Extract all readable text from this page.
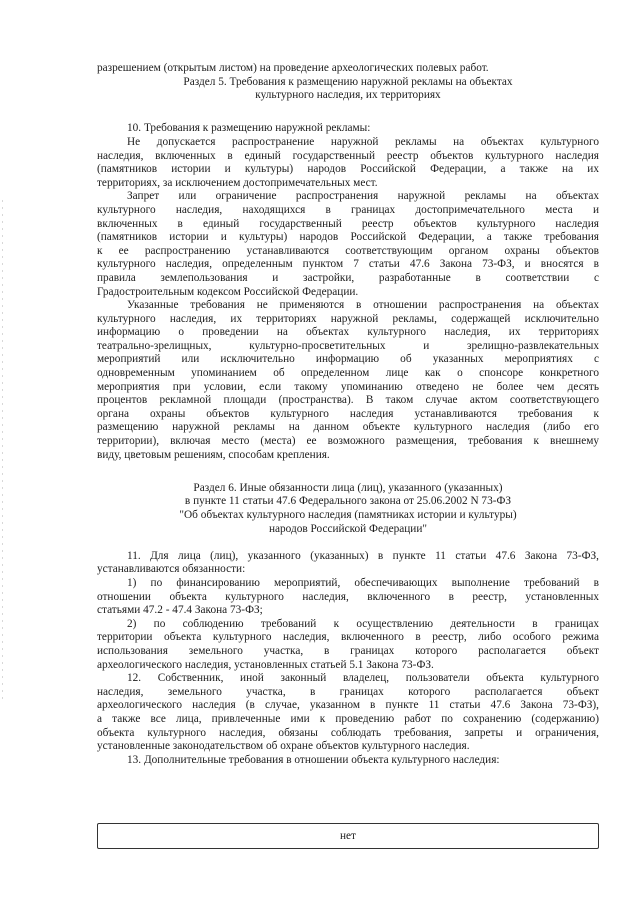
разрешением (открытым листом) на проведение археологических полевых работ.
Раздел 5. Требования к размещению наружной рекламы на объектах
культурного наследия, их территориях
10. Требования к размещению наружной рекламы:
Не допускается распространение наружной рекламы на объектах культурного
наследия, включенных в единый государственный реестр объектов культурного наследия
(памятников истории и культуры) народов Российской Федерации, а также на их
территориях, за исключением достопримечательных мест.
Запрет или ограничение распространения наружной рекламы на объектах
культурного наследия, находящихся в границах достопримечательного места и
включенных в единый государственный реестр объектов культурного наследия
(памятников истории и культуры) народов Российской Федерации, а также требования
к ее распространению устанавливаются соответствующим органом охраны объектов
культурного наследия, определенным пунктом 7 статьи 47.6 Закона 73-ФЗ, и вносятся в
правила землепользования и застройки, разработанные в соответствии с
Градостроительным кодексом Российской Федерации.
Указанные требования не применяются в отношении распространения на объектах
культурного наследия, их территориях наружной рекламы, содержащей исключительно
информацию о проведении на объектах культурного наследия, их территориях
театрально-зрелищных, культурно-просветительных и зрелищно-развлекательных
мероприятий или исключительно информацию об указанных мероприятиях с
одновременным упоминанием об определенном лице как о спонсоре конкретного
мероприятия при условии, если такому упоминанию отведено не более чем десять
процентов рекламной площади (пространства). В таком случае актом соответствующего
органа охраны объектов культурного наследия устанавливаются требования к
размещению наружной рекламы на данном объекте культурного наследия (либо его
территории), включая место (места) ее возможного размещения, требования к внешнему
виду, цветовым решениям, способам крепления.
Раздел 6. Иные обязанности лица (лиц), указанного (указанных)
в пункте 11 статьи 47.6 Федерального закона от 25.06.2002 N 73-ФЗ
"Об объектах культурного наследия (памятниках истории и культуры)
народов Российской Федерации"
11. Для лица (лиц), указанного (указанных) в пункте 11 статьи 47.6 Закона 73-ФЗ,
устанавливаются обязанности:
1) по финансированию мероприятий, обеспечивающих выполнение требований в
отношении объекта культурного наследия, включенного в реестр, установленных
статьями 47.2 - 47.4 Закона 73-ФЗ;
2) по соблюдению требований к осуществлению деятельности в границах
территории объекта культурного наследия, включенного в реестр, либо особого режима
использования земельного участка, в границах которого располагается объект
археологического наследия, установленных статьей 5.1 Закона 73-ФЗ.
12. Собственник, иной законный владелец, пользователи объекта культурного
наследия, земельного участка, в границах которого располагается объект
археологического наследия (в случае, указанном в пункте 11 статьи 47.6 Закона 73-ФЗ),
а также все лица, привлеченные ими к проведению работ по сохранению (содержанию)
объекта культурного наследия, обязаны соблюдать требования, запреты и ограничения,
установленные законодательством об охране объектов культурного наследия.
13. Дополнительные требования в отношении объекта культурного наследия:
нет
